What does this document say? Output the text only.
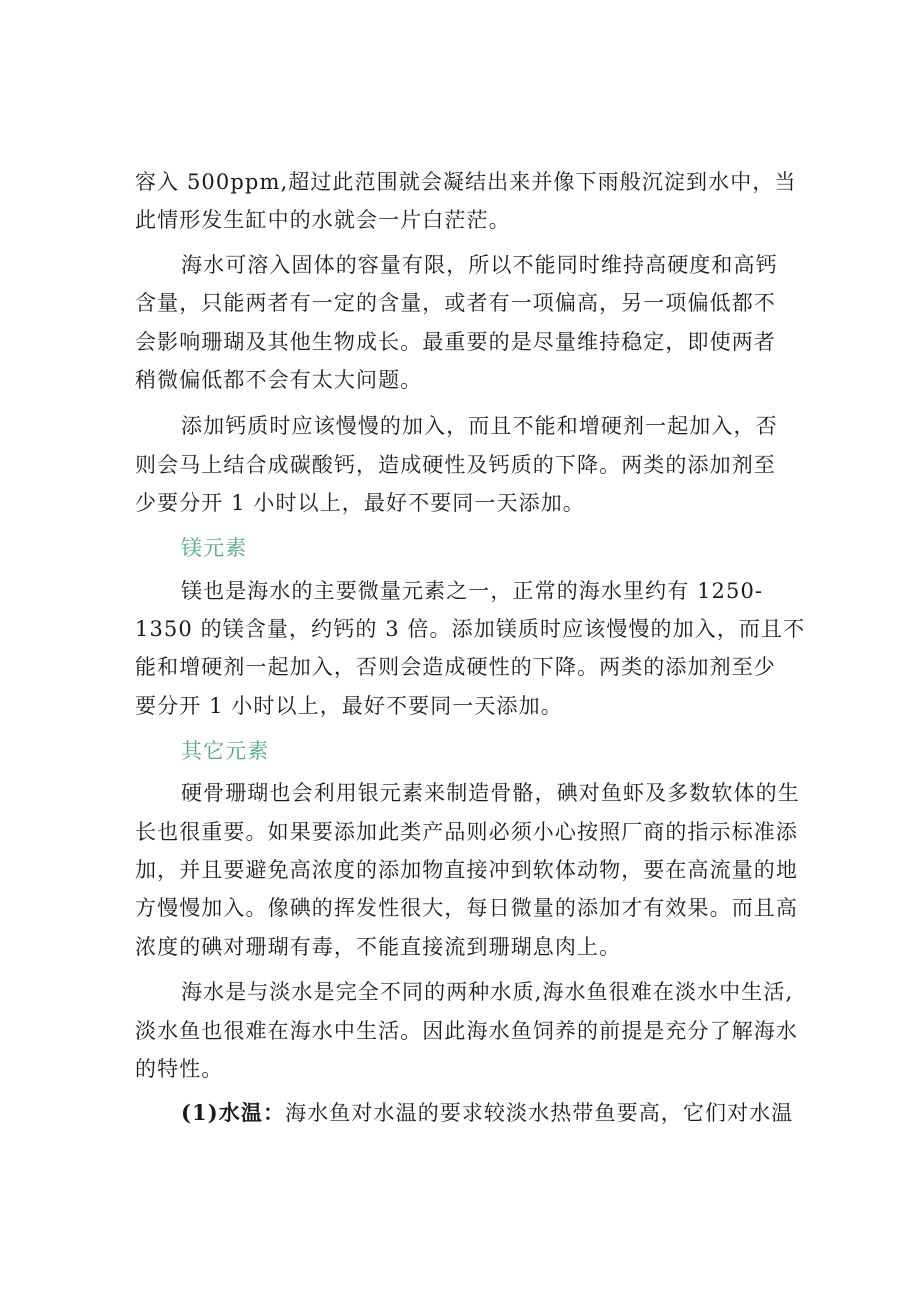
容入 500ppm,超过此范围就会凝结出来并像下雨般沉淀到水中，当
此情形发生缸中的水就会一片白茫茫。
海水可溶入固体的容量有限，所以不能同时维持高硬度和高钙
含量，只能两者有一定的含量，或者有一项偏高，另一项偏低都不
会影响珊瑚及其他生物成长。最重要的是尽量维持稳定，即使两者
稍微偏低都不会有太大问题。
添加钙质时应该慢慢的加入，而且不能和增硬剂一起加入，否
则会马上结合成碳酸钙，造成硬性及钙质的下降。两类的添加剂至
少要分开 1 小时以上，最好不要同一天添加。
镁元素
镁也是海水的主要微量元素之一，正常的海水里约有 1250-
1350 的镁含量，约钙的 3 倍。添加镁质时应该慢慢的加入，而且不
能和增硬剂一起加入，否则会造成硬性的下降。两类的添加剂至少
要分开 1 小时以上，最好不要同一天添加。
其它元素
硬骨珊瑚也会利用银元素来制造骨骼，碘对鱼虾及多数软体的生
长也很重要。如果要添加此类产品则必须小心按照厂商的指示标准添
加，并且要避免高浓度的添加物直接冲到软体动物，要在高流量的地
方慢慢加入。像碘的挥发性很大，每日微量的添加才有效果。而且高
浓度的碘对珊瑚有毒，不能直接流到珊瑚息肉上。
海水是与淡水是完全不同的两种水质,海水鱼很难在淡水中生活,
淡水鱼也很难在海水中生活。因此海水鱼饲养的前提是充分了解海水
的特性。
(1)水温：海水鱼对水温的要求较淡水热带鱼要高，它们对水温
